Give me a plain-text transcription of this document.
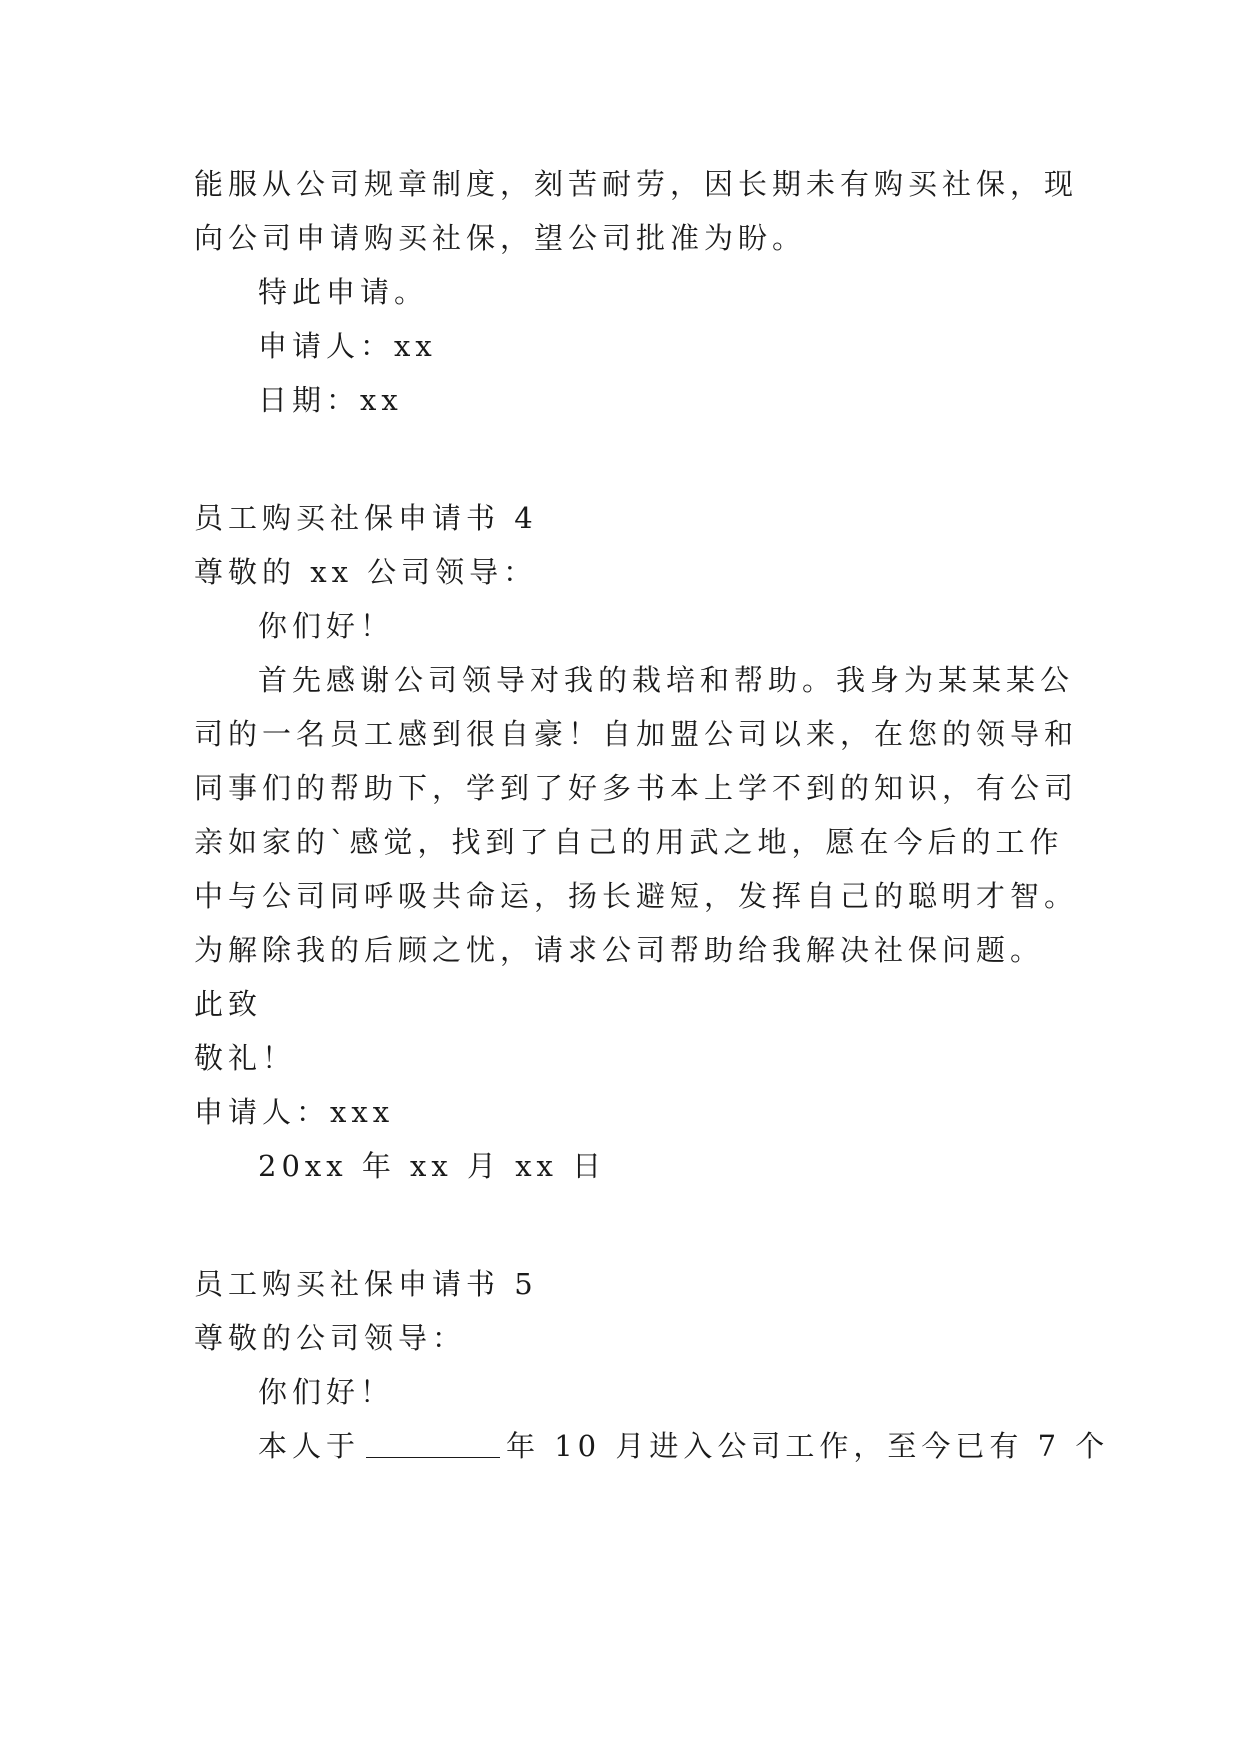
能服从公司规章制度，刻苦耐劳，因长期未有购买社保，现
向公司申请购买社保，望公司批准为盼。
特此申请。
申请人：xx
日期：xx
员工购买社保申请书 4
尊敬的 xx 公司领导：
你们好！
首先感谢公司领导对我的栽培和帮助。我身为某某某公
司的一名员工感到很自豪！自加盟公司以来，在您的领导和
同事们的帮助下，学到了好多书本上学不到的知识，有公司
亲如家的`感觉，找到了自己的用武之地，愿在今后的工作
中与公司同呼吸共命运，扬长避短，发挥自己的聪明才智。
为解除我的后顾之忧，请求公司帮助给我解决社保问题。
此致
敬礼！
申请人：xxx
20xx 年 xx 月 xx 日
员工购买社保申请书 5
尊敬的公司领导：
你们好！
本人于	年 10 月进入公司工作，至今已有 7 个
